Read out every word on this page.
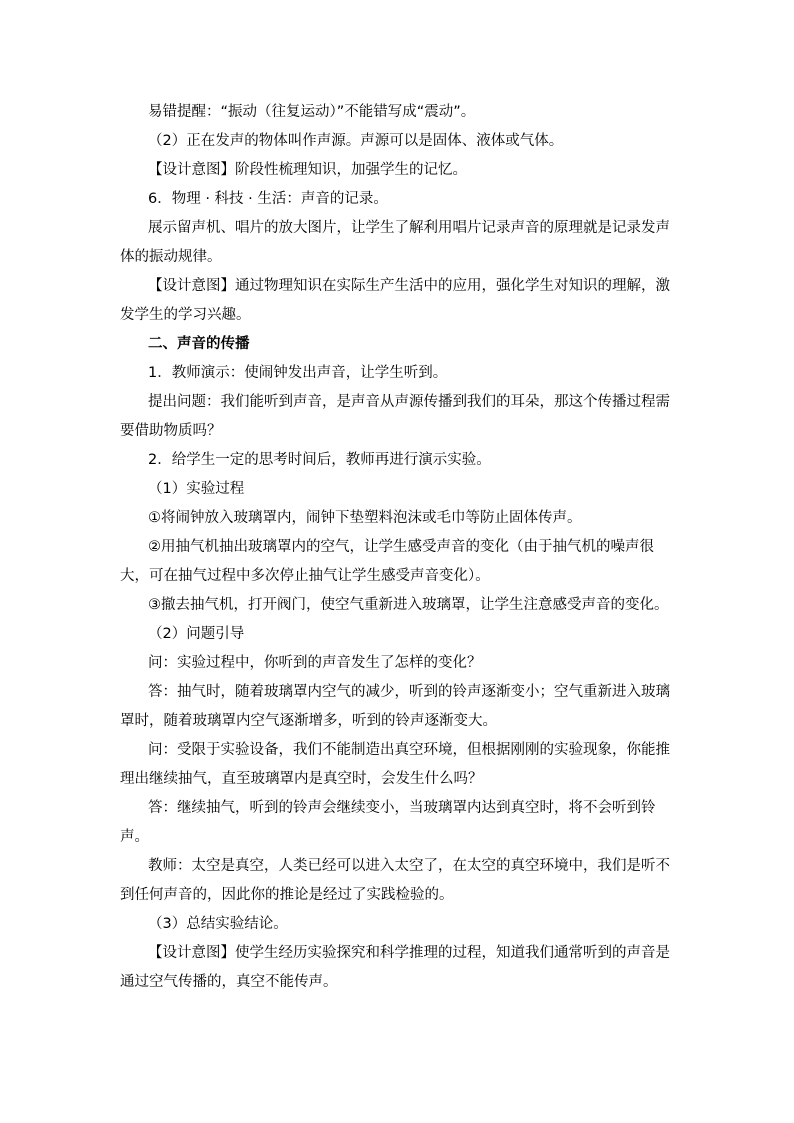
易错提醒：“振动（往复运动）”不能错写成“震动”。

（2）正在发声的物体叫作声源。声源可以是固体、液体或气体。

【设计意图】阶段性梳理知识，加强学生的记忆。

6．物理 · 科技 · 生活：声音的记录。

展示留声机、唱片的放大图片，让学生了解利用唱片记录声音的原理就是记录发声体的振动规律。

【设计意图】通过物理知识在实际生产生活中的应用，强化学生对知识的理解，激发学生的学习兴趣。

二、声音的传播

1．教师演示：使闹钟发出声音，让学生听到。

提出问题：我们能听到声音，是声音从声源传播到我们的耳朵，那这个传播过程需要借助物质吗？

2．给学生一定的思考时间后，教师再进行演示实验。

（1）实验过程

①将闹钟放入玻璃罩内，闹钟下垫塑料泡沫或毛巾等防止固体传声。

②用抽气机抽出玻璃罩内的空气，让学生感受声音的变化（由于抽气机的噪声很大，可在抽气过程中多次停止抽气让学生感受声音变化）。

③撤去抽气机，打开阀门，使空气重新进入玻璃罩，让学生注意感受声音的变化。

（2）问题引导

问：实验过程中，你听到的声音发生了怎样的变化？

答：抽气时，随着玻璃罩内空气的减少，听到的铃声逐渐变小；空气重新进入玻璃罩时，随着玻璃罩内空气逐渐增多，听到的铃声逐渐变大。

问：受限于实验设备，我们不能制造出真空环境，但根据刚刚的实验现象，你能推理出继续抽气，直至玻璃罩内是真空时，会发生什么吗？

答：继续抽气，听到的铃声会继续变小，当玻璃罩内达到真空时，将不会听到铃声。

教师：太空是真空，人类已经可以进入太空了，在太空的真空环境中，我们是听不到任何声音的，因此你的推论是经过了实践检验的。

（3）总结实验结论。

【设计意图】使学生经历实验探究和科学推理的过程，知道我们通常听到的声音是通过空气传播的，真空不能传声。
